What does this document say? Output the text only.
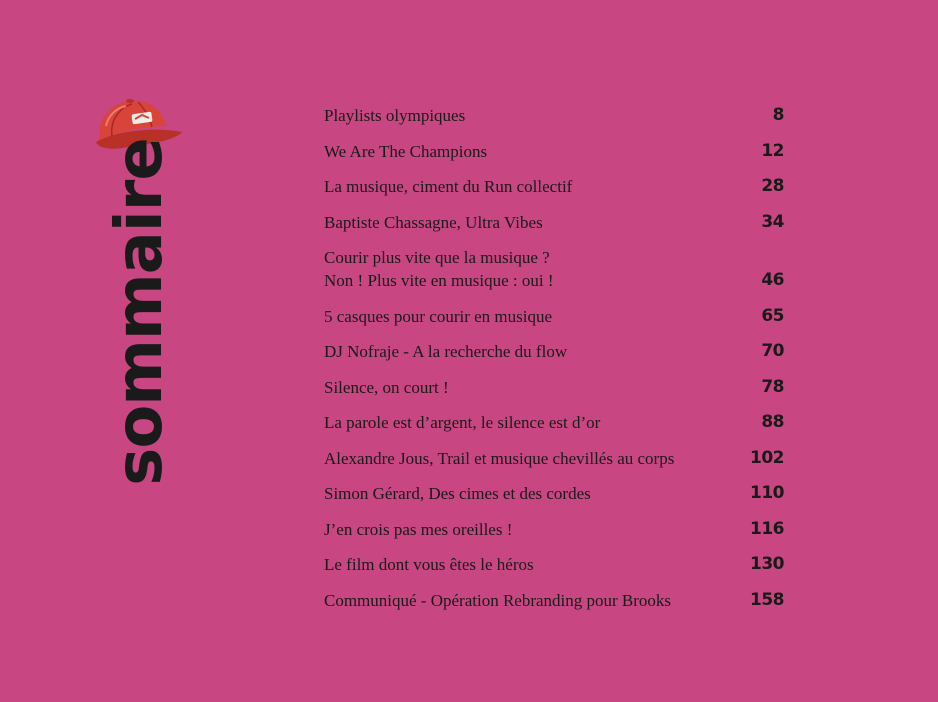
sommaire
Playlists olympiques	8
We Are The Champions	12
La musique, ciment du Run collectif	28
Baptiste Chassagne, Ultra Vibes	34
Courir plus vite que la musique ?
Non ! Plus vite en musique : oui !	46
5 casques pour courir en musique	65
DJ Nofraje - A la recherche du flow	70
Silence, on court !	78
La parole est d’argent, le silence est d’or	88
Alexandre Jous, Trail et musique chevillés au corps	102
Simon Gérard, Des cimes et des cordes	110
J’en crois pas mes oreilles !	116
Le film dont vous êtes le héros	130
Communiqué - Opération Rebranding pour Brooks	158
